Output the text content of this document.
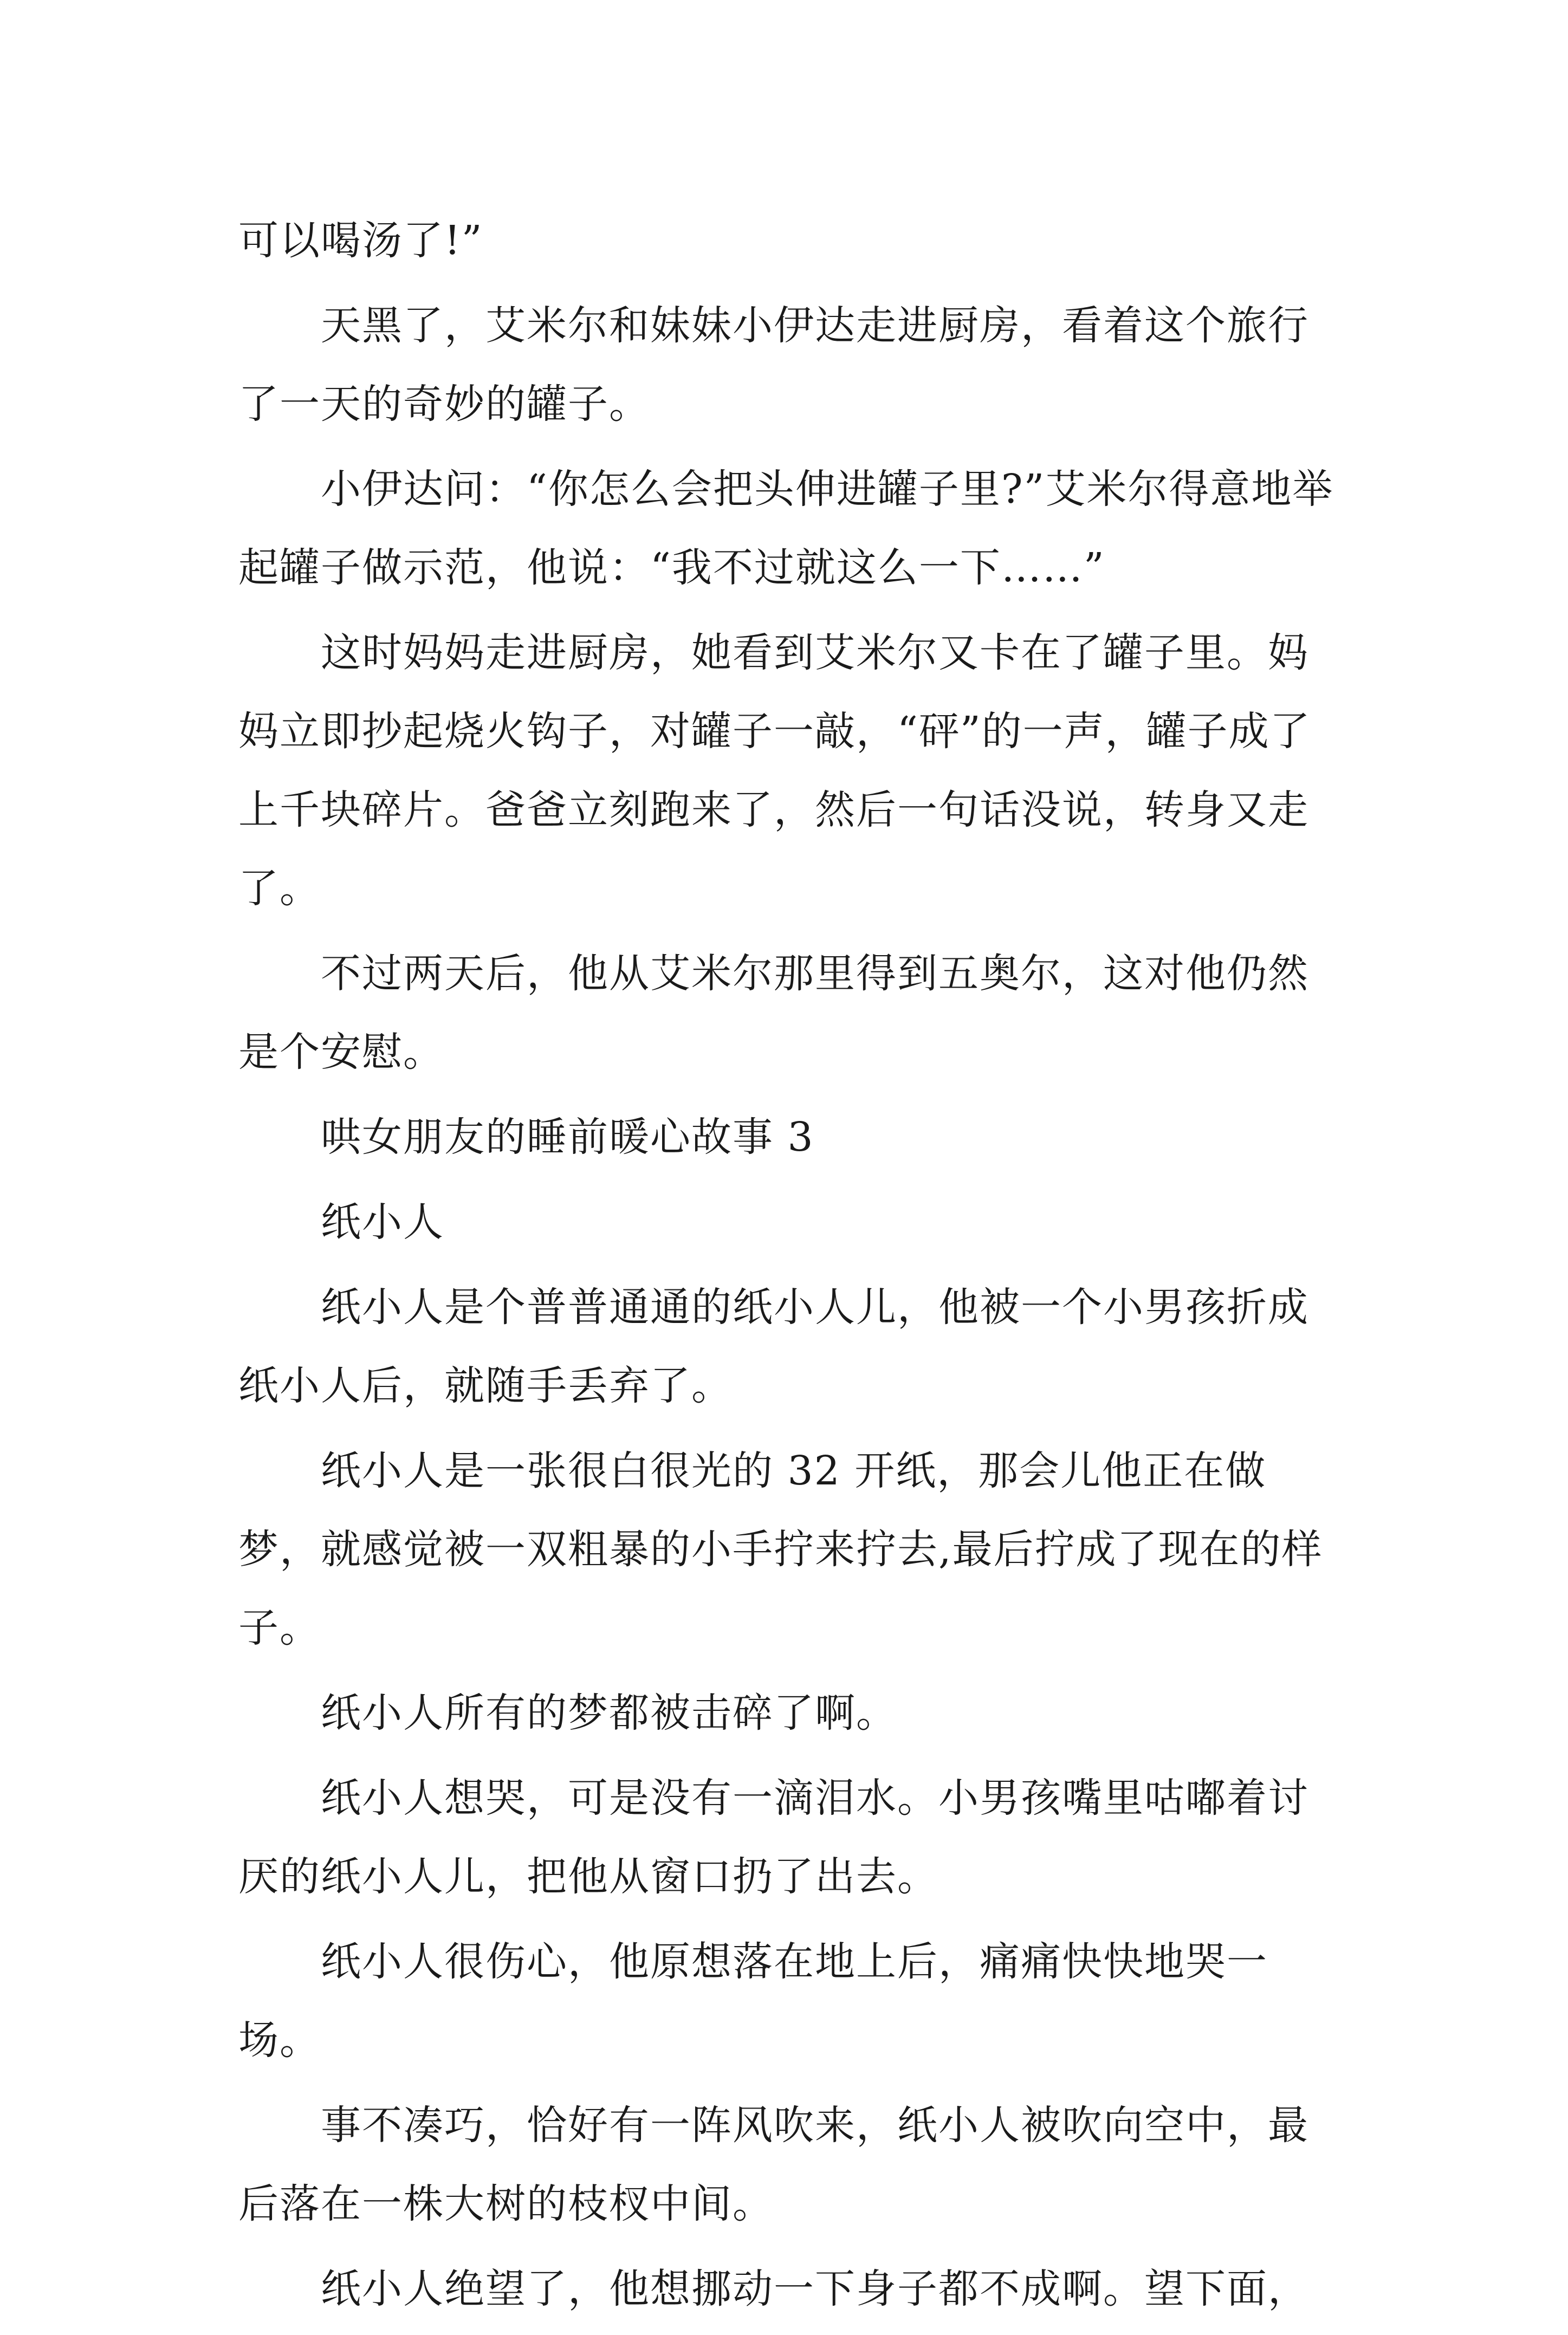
可以喝汤了!”

天黑了，艾米尔和妹妹小伊达走进厨房，看着这个旅行了一天的奇妙的罐子。

小伊达问：“你怎么会把头伸进罐子里?”艾米尔得意地举起罐子做示范，他说：“我不过就这么一下……”

这时妈妈走进厨房，她看到艾米尔又卡在了罐子里。妈妈立即抄起烧火钩子，对罐子一敲，“砰”的一声，罐子成了上千块碎片。爸爸立刻跑来了，然后一句话没说，转身又走了。

不过两天后，他从艾米尔那里得到五奥尔，这对他仍然是个安慰。

哄女朋友的睡前暖心故事 3

纸小人

纸小人是个普普通通的纸小人儿，他被一个小男孩折成纸小人后，就随手丢弃了。

纸小人是一张很白很光的 32 开纸，那会儿他正在做梦，就感觉被一双粗暴的小手拧来拧去,最后拧成了现在的样子。

纸小人所有的梦都被击碎了啊。

纸小人想哭，可是没有一滴泪水。小男孩嘴里咕嘟着讨厌的纸小人儿，把他从窗口扔了出去。

纸小人很伤心，他原想落在地上后，痛痛快快地哭一场。

事不凑巧，恰好有一阵风吹来，纸小人被吹向空中，最后落在一株大树的枝杈中间。

纸小人绝望了，他想挪动一下身子都不成啊。望下面，
